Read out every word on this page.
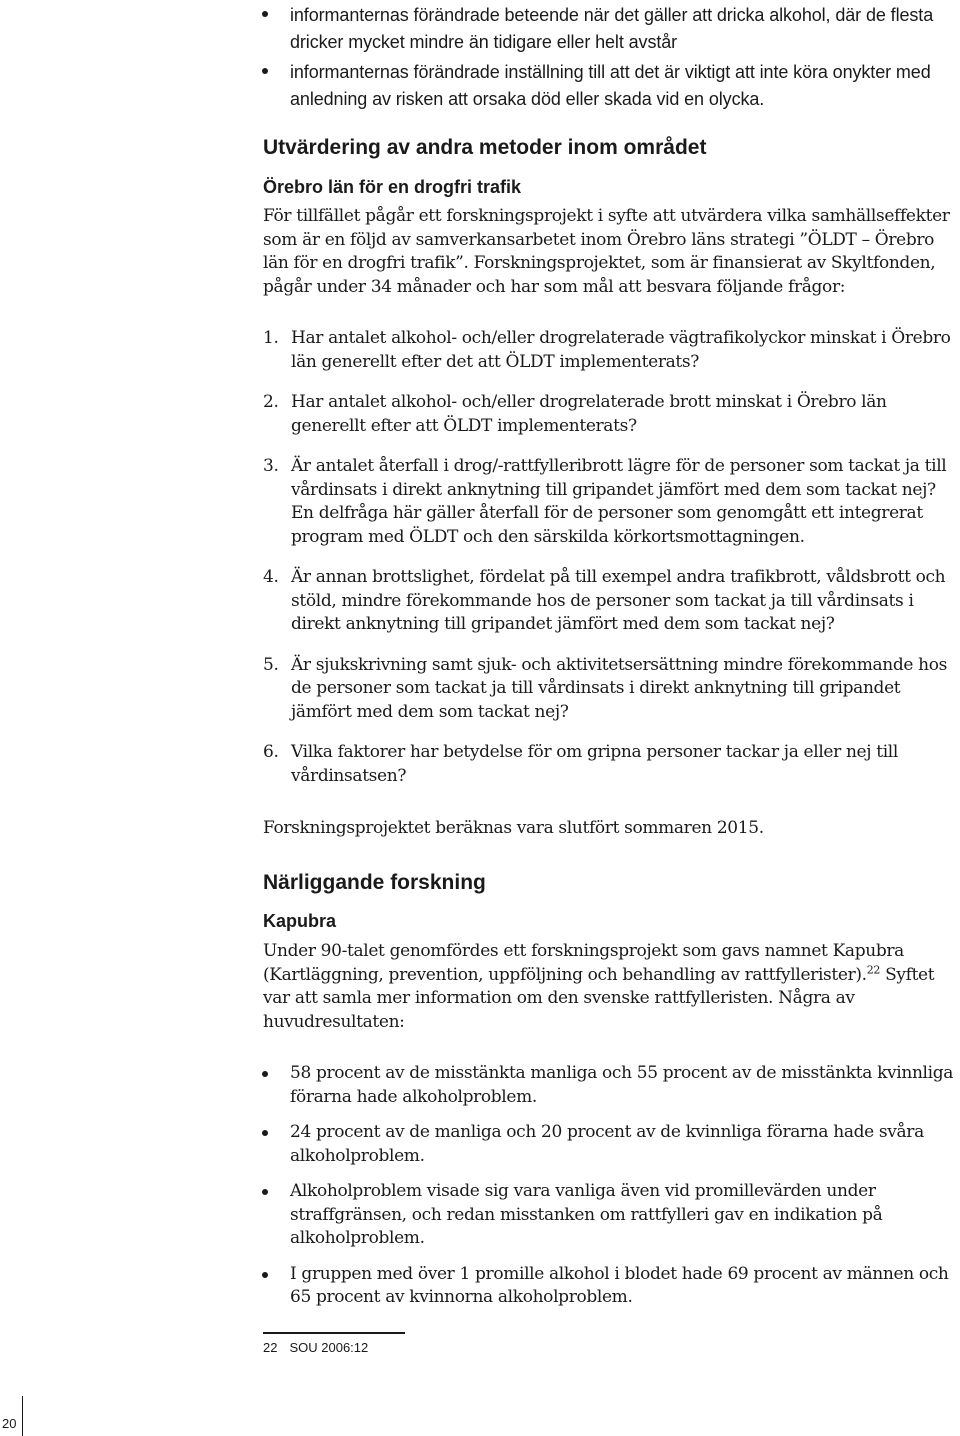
informanternas förändrade beteende när det gäller att dricka alkohol, där de flesta dricker mycket mindre än tidigare eller helt avstår
informanternas förändrade inställning till att det är viktigt att inte köra onykter med anledning av risken att orsaka död eller skada vid en olycka.
Utvärdering av andra metoder inom området
Örebro län för en drogfri trafik

För tillfället pågår ett forskningsprojekt i syfte att utvärdera vilka samhällseffekter som är en följd av samverkansarbetet inom Örebro läns strategi ”ÖLDT – Örebro län för en drogfri trafik”. Forskningsprojektet, som är finansierat av Skyltfonden, pågår under 34 månader och har som mål att besvara följande frågor:

1. Har antalet alkohol- och/eller drogrelaterade vägtrafikolyckor minskat i Örebro län generellt efter det att ÖLDT implementerats?
2. Har antalet alkohol- och/eller drogrelaterade brott minskat i Örebro län generellt efter att ÖLDT implementerats?
3. Är antalet återfall i drog/-rattfylleribrott lägre för de personer som tackat ja till vårdinsats i direkt anknytning till gripandet jämfört med dem som tackat nej? En delfråga här gäller återfall för de personer som genomgått ett integrerat program med ÖLDT och den särskilda körkortsmottagningen.
4. Är annan brottslighet, fördelat på till exempel andra trafikbrott, våldsbrott och stöld, mindre förekommande hos de personer som tackat ja till vårdinsats i direkt anknytning till gripandet jämfört med dem som tackat nej?
5. Är sjukskrivning samt sjuk- och aktivitetsersättning mindre förekommande hos de personer som tackat ja till vårdinsats i direkt anknytning till gripandet jämfört med dem som tackat nej?
6. Vilka faktorer har betydelse för om gripna personer tackar ja eller nej till vårdinsatsen?

Forskningsprojektet beräknas vara slutfört sommaren 2015.

Närliggande forskning
Kapubra

Under 90-talet genomfördes ett forskningsprojekt som gavs namnet Kapubra (Kartläggning, prevention, uppföljning och behandling av rattfyllerister).$^{22}$ Syftet var att samla mer information om den svenske rattfylleristen. Några av huvudresultaten:

58 procent av de misstänkta manliga och 55 procent av de misstänkta kvinnliga förarna hade alkoholproblem.
24 procent av de manliga och 20 procent av de kvinnliga förarna hade svåra alkoholproblem.
Alkoholproblem visade sig vara vanliga även vid promillevärden under straffgränsen, och redan misstanken om rattfylleri gav en indikation på alkoholproblem.
I gruppen med över 1 promille alkohol i blodet hade 69 procent av männen och 65 procent av kvinnorna alkoholproblem.
22 SOU 2006:12
20
